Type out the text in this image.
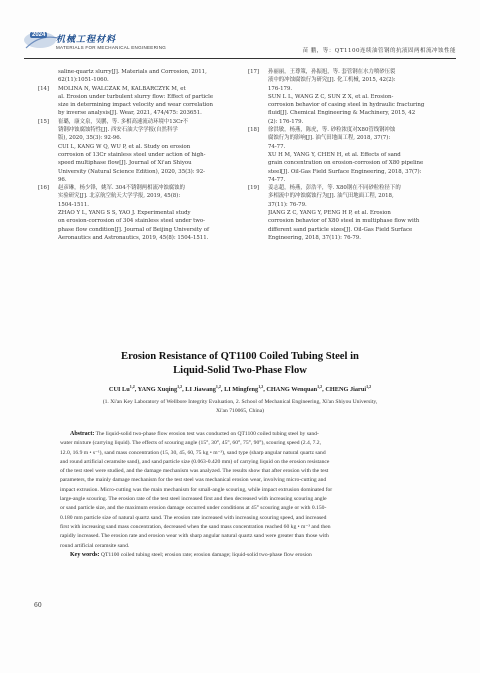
2024 机械工程材料
MATERIALS FOR MECHANICAL ENGINEERING
苗 鹏，等：QT1100连续油管钢的抗液固两相流冲蚀性能
saline-quartz slurry[J]. Materials and Corrosion, 2011,
62(11):1051-1060.
[14] MOLINA N, WALCZAK M, KALBARCZYK M, et
al. Erosion under turbulent slurry flow: Effect of particle
size in determining impact velocity and wear correlation
by inverse analysis[J]. Wear, 2021, 474/475: 203651.
[15] 崔璐，康文泉，吴鹏，等. 多相高速流动环境中13Cr不
锈钢冲蚀腐蚀特性[J]. 西安石油大学学报(自然科学
版), 2020, 35(3): 92-96.
CUI L, KANG W Q, WU P, et al. Study on erosion
corrosion of 13Cr stainless steel under action of high-
speed multiphase flow[J]. Journal of Xi'an Shiyou
University (Natural Science Edition), 2020, 35(3): 92-
96.
[16] 赵彦琳，杨少锋，姚军. 304不锈钢两相流冲蚀腐蚀的
实验研究[J]. 北京航空航天大学学报, 2019, 45(8):
1504-1511.
ZHAO Y L, YANG S S, YAO J. Experimental study
on erosion-corrosion of 304 stainless steel under two-
phase flow condition[J]. Journal of Beijing University of
Aeronautics and Astronautics, 2019, 45(8): 1504-1511.
[17] 孙丽丽，王尊策，孙振旭，等. 套管钢在水力喷砂压裂
液中的冲蚀腐蚀行为研究[J]. 化工机械, 2015, 42(2):
176-179.
SUN L L, WANG Z C, SUN Z X, et al. Erosion-
corrosion behavior of casing steel in hydraulic fracturing
fluid[J]. Chemical Engineering & Machinery, 2015, 42
(2): 176-179.
[18] 徐洪敏，杨燕，陈虎，等. 砂粒浓度对X80管线钢冲蚀
腐蚀行为的影响[J]. 油气田地面工程, 2018, 37(7):
74-77.
XU H M, YANG Y, CHEN H, et al. Effects of sand
grain concentration on erosion-corrosion of X80 pipeline
steel[J]. Oil-Gas Field Surface Engineering, 2018, 37(7):
74-77.
[19] 姜志超，杨燕，彭浩平，等. X80钢在不同砂粒粒径下的
多相流中的冲蚀腐蚀行为[J]. 油气田地面工程, 2018,
37(11): 76-79.
JIANG Z C, YANG Y, PENG H P, et al. Erosion
corrosion behavior of X80 steel in multiphase flow with
different sand particle sizes[J]. Oil-Gas Field Surface
Engineering, 2018, 37(11): 76-79.
Erosion Resistance of QT1100 Coiled Tubing Steel in
Liquid-Solid Two-Phase Flow
CUI Lu$^{1,2}$, YANG Xuqing$^{1,2}$, LI Jiawang$^{1,2}$, LI Mingfeng$^{1,2}$, CHANG Wenquan$^{1,2}$, CHENG Jiarui$^{1,2}$
(1. Xi'an Key Laboratory of Wellbore Integrity Evaluation, 2. School of Mechanical Engineering, Xi'an Shiyou University,
Xi'an 710065, China)
Abstract: The liquid-solid two-phase flow erosion test was conducted on QT1100 coiled tubing steel by sand-
water mixture (carrying liquid). The effects of scouring angle (15°, 30°, 45°, 60°, 75°, 90°), scouring speed (2.4, 7.2,
12.0, 16.9 m • s⁻¹), sand mass concentration (15, 30, 45, 60, 75 kg • m⁻³), sand type (sharp angular natural quartz sand
and round artificial ceramsite sand), and sand particle size (0.063-0.420 mm) of carrying liquid on the erosion resistance
of the test steel were studied, and the damage mechanism was analyzed. The results show that after erosion with the test
parameters, the mainly damage mechanism for the test steel was mechanical erosion wear, involving micro-cutting and
impact extrusion. Micro-cutting was the main mechanism for small-angle scouring, while impact extrusion dominated for
large-angle scouring. The erosion rate of the test steel increased first and then decreased with increasing scouring angle
or sand particle size, and the maximum erosion damage occurred under conditions at 45° scouring angle or with 0.150-
0.180 mm particle size of natural quartz sand. The erosion rate increased with increasing scouring speed, and increased
first with increasing sand mass concentration, decreased when the sand mass concentration reached 60 kg • m⁻³ and then
rapidly increased. The erosion rate and erosion wear with sharp angular natural quartz sand were greater than those with
round artificial ceramsite sand.
Key words: QT1100 coiled tubing steel; erosion rate; erosion damage; liquid-solid two-phase flow erosion
60
